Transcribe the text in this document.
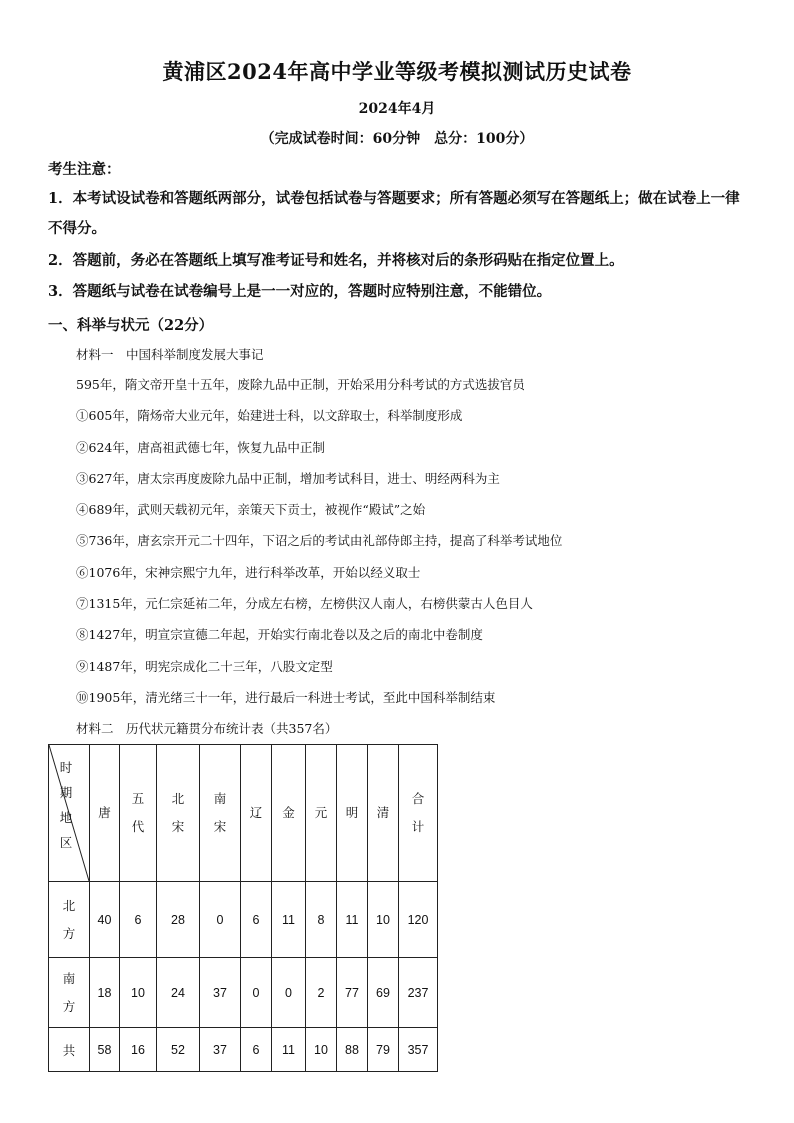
黄浦区2024年高中学业等级考模拟测试历史试卷
2024年4月
（完成试卷时间：60分钟　总分：100分）
考生注意：
1．本考试设试卷和答题纸两部分，试卷包括试卷与答题要求；所有答题必须写在答题纸上；做在试卷上一律不得分。
2．答题前，务必在答题纸上填写准考证号和姓名，并将核对后的条形码贴在指定位置上。
3．答题纸与试卷在试卷编号上是一一对应的，答题时应特别注意，不能错位。
一、科举与状元（22分）
材料一　中国科举制度发展大事记
595年，隋文帝开皇十五年，废除九品中正制，开始采用分科考试的方式选拔官员
①605年，隋炀帝大业元年，始建进士科，以文辞取士，科举制度形成
②624年，唐高祖武德七年，恢复九品中正制
③627年，唐太宗再度废除九品中正制，增加考试科目，进士、明经两科为主
④689年，武则天载初元年，亲策天下贡士，被视作“殿试”之始
⑤736年，唐玄宗开元二十四年，下诏之后的考试由礼部侍郎主持，提高了科举考试地位
⑥1076年，宋神宗熙宁九年，进行科举改革，开始以经义取士
⑦1315年，元仁宗延祐二年，分成左右榜，左榜供汉人南人，右榜供蒙古人色目人
⑧1427年，明宣宗宣德二年起，开始实行南北卷以及之后的南北中卷制度
⑨1487年，明宪宗成化二十三年，八股文定型
⑩1905年，清光绪三十一年，进行最后一科进士考试，至此中国科举制结束
材料二　历代状元籍贯分布统计表（共357名）
时期地区	唐	五代	北宋	南宋	辽	金	元	明	清	合计
北方	40	6	28	0	6	11	8	11	10	120
南方	18	10	24	37	0	0	2	77	69	237
共	58	16	52	37	6	11	10	88	79	357
